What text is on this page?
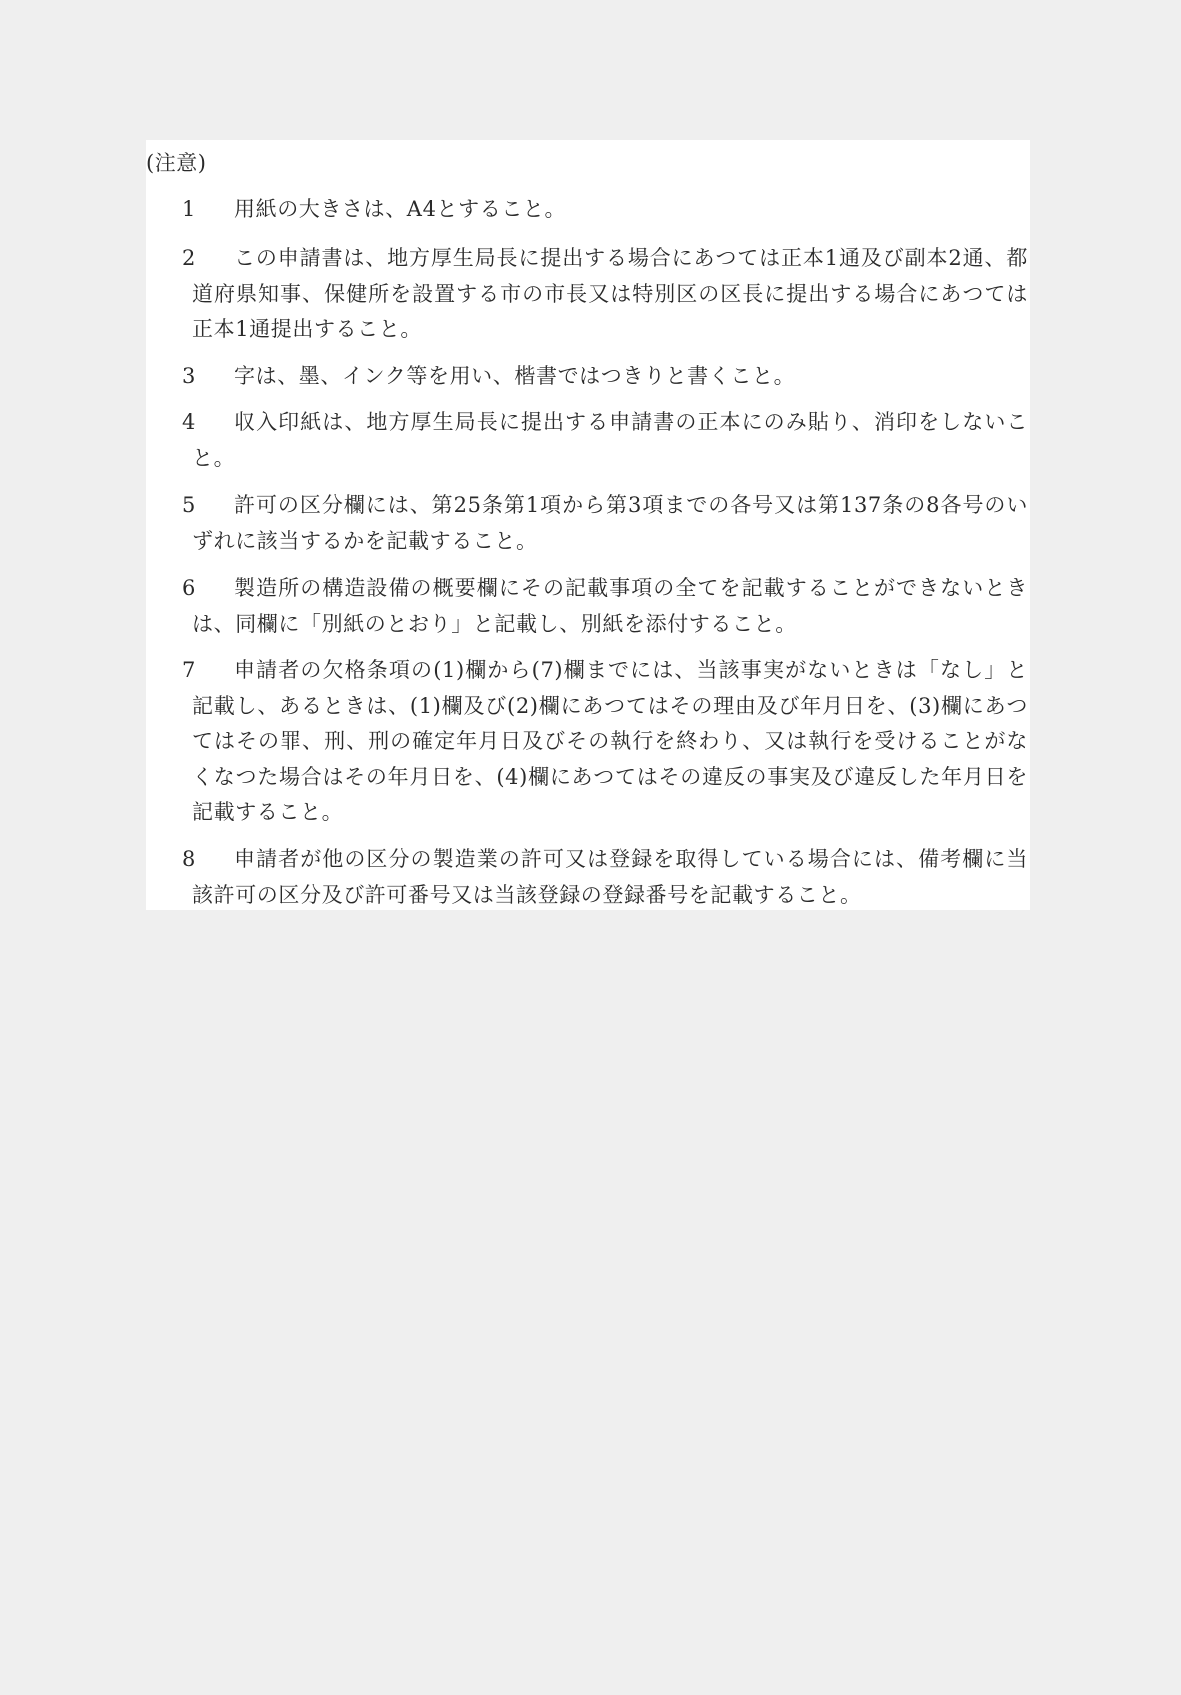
(注意)
1	用紙の大きさは、A4とすること。
2	この申請書は、地方厚生局長に提出する場合にあつては正本1通及び副本2通、都道府県知事、保健所を設置する市の市長又は特別区の区長に提出する場合にあつては正本1通提出すること。
3	字は、墨、インク等を用い、楷書ではつきりと書くこと。
4	収入印紙は、地方厚生局長に提出する申請書の正本にのみ貼り、消印をしないこと。
5	許可の区分欄には、第25条第1項から第3項までの各号又は第137条の8各号のいずれに該当するかを記載すること。
6	製造所の構造設備の概要欄にその記載事項の全てを記載することができないときは、同欄に「別紙のとおり」と記載し、別紙を添付すること。
7	申請者の欠格条項の(1)欄から(7)欄までには、当該事実がないときは「なし」と記載し、あるときは、(1)欄及び(2)欄にあつてはその理由及び年月日を、(3)欄にあつてはその罪、刑、刑の確定年月日及びその執行を終わり、又は執行を受けることがなくなつた場合はその年月日を、(4)欄にあつてはその違反の事実及び違反した年月日を記載すること。
8	申請者が他の区分の製造業の許可又は登録を取得している場合には、備考欄に当該許可の区分及び許可番号又は当該登録の登録番号を記載すること。
